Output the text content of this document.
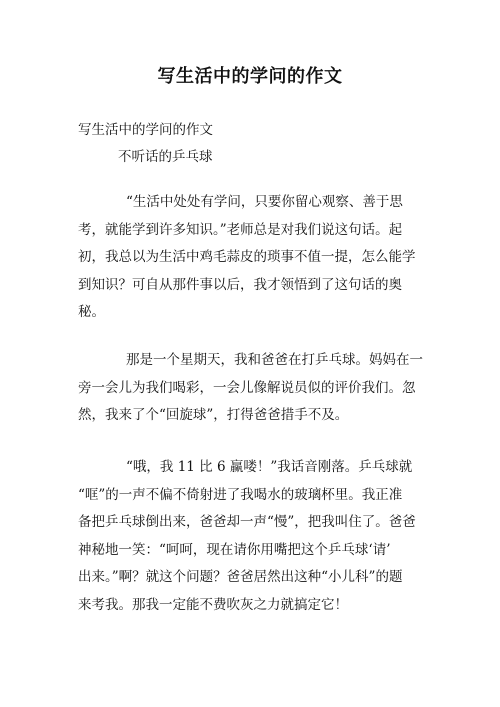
写生活中的学问的作文
写生活中的学问的作文
不听话的乒乓球
“生活中处处有学问，只要你留心观察、善于思
考，就能学到许多知识。”老师总是对我们说这句话。起
初，我总以为生活中鸡毛蒜皮的琐事不值一提，怎么能学
到知识？可自从那件事以后，我才领悟到了这句话的奥
秘。
那是一个星期天，我和爸爸在打乒乓球。妈妈在一
旁一会儿为我们喝彩，一会儿像解说员似的评价我们。忽
然，我来了个“回旋球”，打得爸爸措手不及。
“哦，我 11 比 6 赢喽！”我话音刚落。乒乓球就
“哐”的一声不偏不倚射进了我喝水的玻璃杯里。我正准
备把乒乓球倒出来，爸爸却一声“慢”，把我叫住了。爸爸
神秘地一笑：“呵呵，现在请你用嘴把这个乒乓球‘请’
出来。”啊？就这个问题？爸爸居然出这种“小儿科”的题
来考我。那我一定能不费吹灰之力就搞定它！
